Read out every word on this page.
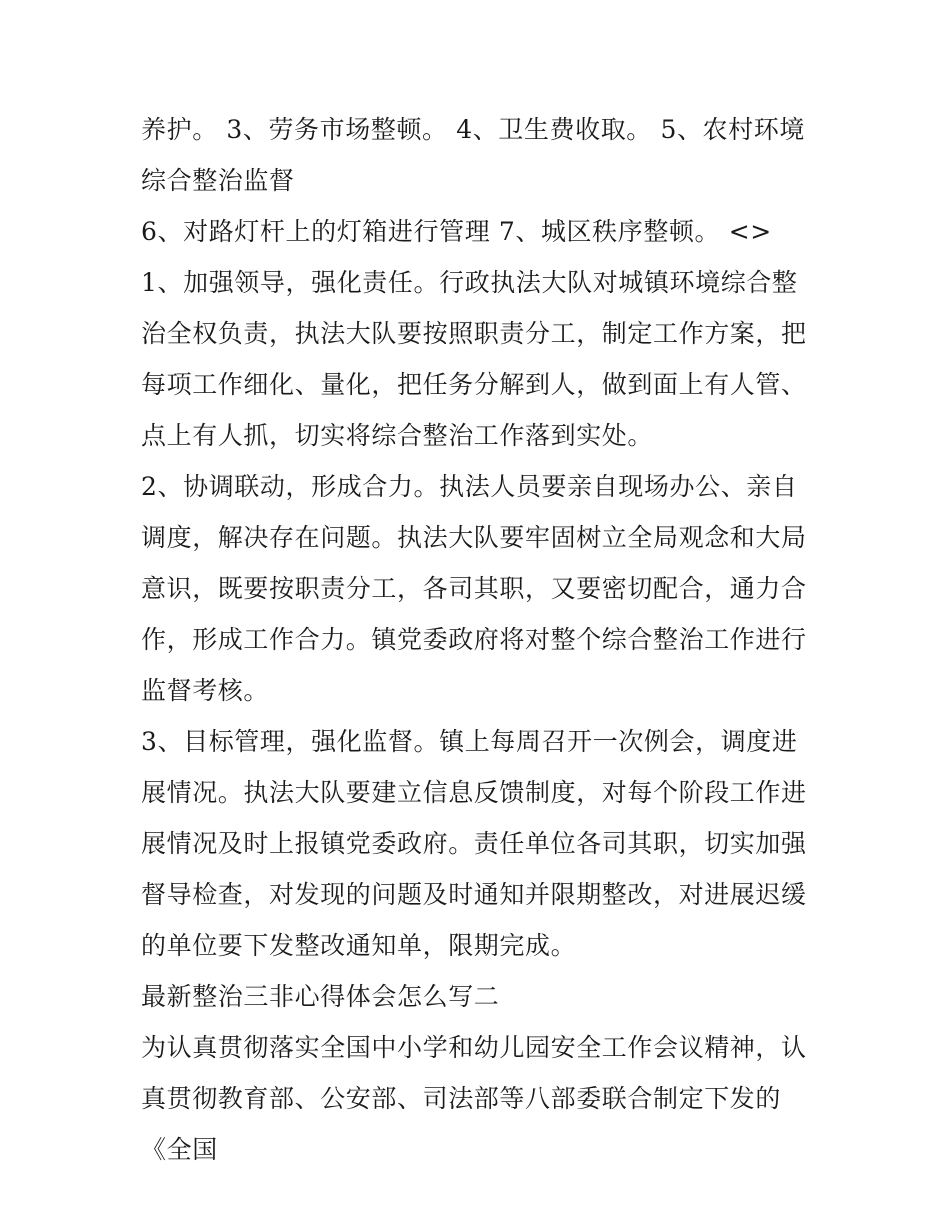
养护。 3、劳务市场整顿。 4、卫生费收取。 5、农村环境综合整治监督

6、对路灯杆上的灯箱进行管理 7、城区秩序整顿。 <>

1、加强领导，强化责任。行政执法大队对城镇环境综合整治全权负责，执法大队要按照职责分工，制定工作方案，把每项工作细化、量化，把任务分解到人，做到面上有人管、点上有人抓，切实将综合整治工作落到实处。

2、协调联动，形成合力。执法人员要亲自现场办公、亲自调度，解决存在问题。执法大队要牢固树立全局观念和大局意识，既要按职责分工，各司其职，又要密切配合，通力合作，形成工作合力。镇党委政府将对整个综合整治工作进行监督考核。

3、目标管理，强化监督。镇上每周召开一次例会，调度进展情况。执法大队要建立信息反馈制度，对每个阶段工作进展情况及时上报镇党委政府。责任单位各司其职，切实加强督导检查，对发现的问题及时通知并限期整改，对进展迟缓的单位要下发整改通知单，限期完成。

最新整治三非心得体会怎么写二

为认真贯彻落实全国中小学和幼儿园安全工作会议精神，认真贯彻教育部、公安部、司法部等八部委联合制定下发的《全国
